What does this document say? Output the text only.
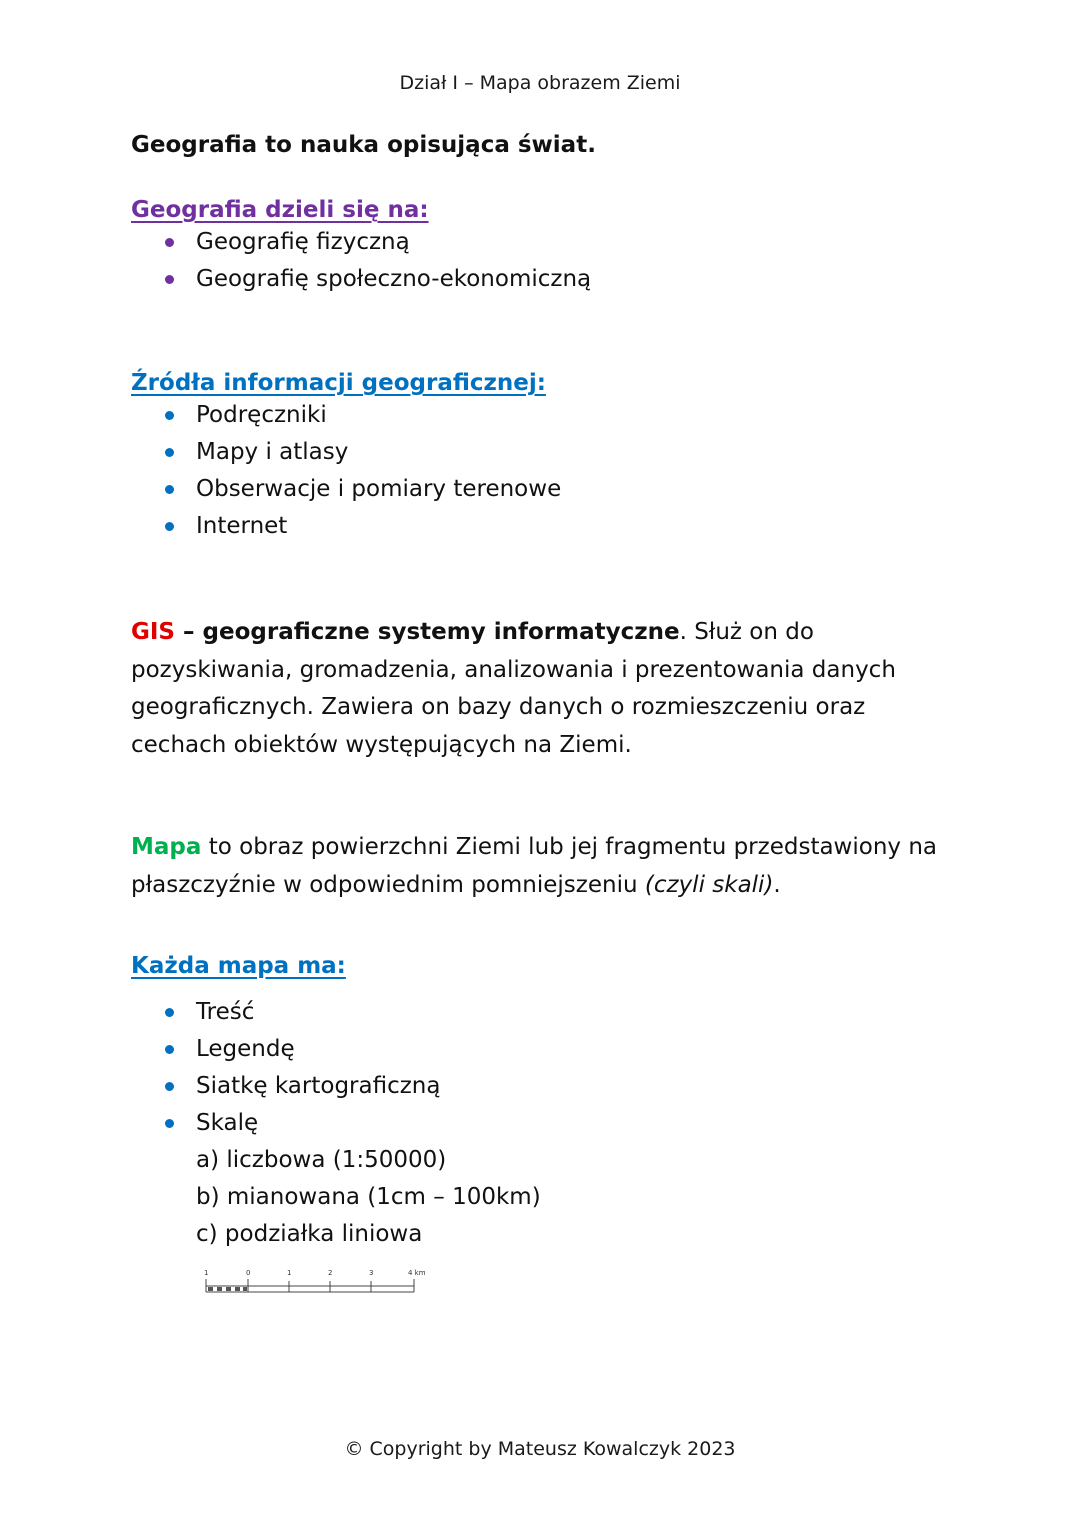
Dział I – Mapa obrazem Ziemi
Geografia to nauka opisująca świat.
Geografia dzieli się na:
Geografię fizyczną
Geografię społeczno-ekonomiczną
Źródła informacji geograficznej:
Podręczniki
Mapy i atlasy
Obserwacje i pomiary terenowe
Internet
GIS – geograficzne systemy informatyczne. Służ on do pozyskiwania, gromadzenia, analizowania i prezentowania danych geograficznych. Zawiera on bazy danych o rozmieszczeniu oraz cechach obiektów występujących na Ziemi.
Mapa to obraz powierzchni Ziemi lub jej fragmentu przedstawiony na płaszczyźnie w odpowiednim pomniejszeniu (czyli skali).
Każda mapa ma:
Treść
Legendę
Siatkę kartograficzną
Skalę
a) liczbowa (1:50000)
b) mianowana (1cm – 100km)
c) podziałka liniowa
1	0	1	2	3	4 km
© Copyright by Mateusz Kowalczyk 2023
